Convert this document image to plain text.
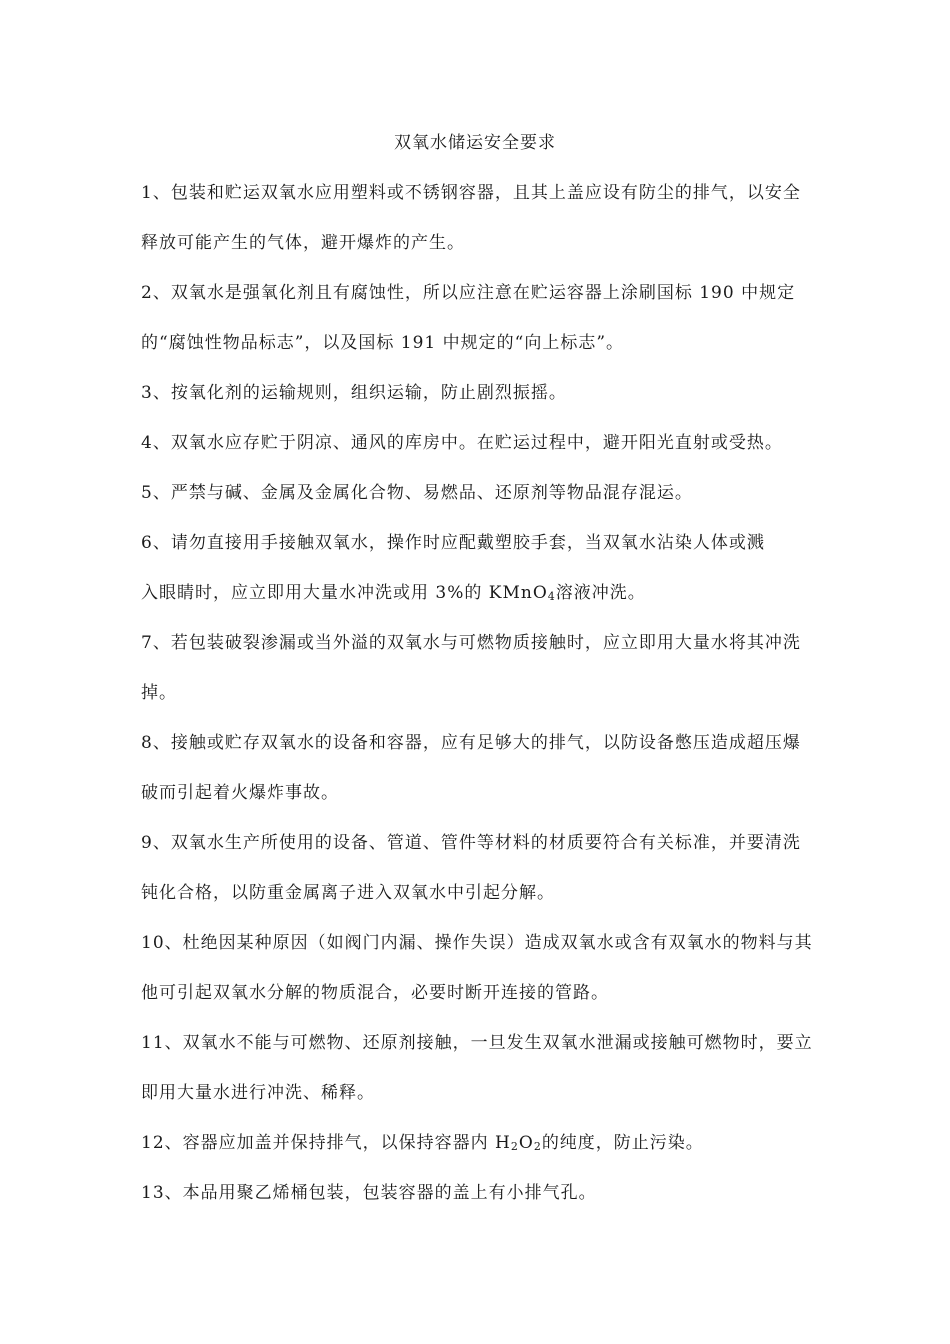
双氧水储运安全要求

1、包装和贮运双氧水应用塑料或不锈钢容器，且其上盖应设有防尘的排气，以安全
释放可能产生的气体，避开爆炸的产生。

2、双氧水是强氧化剂且有腐蚀性，所以应注意在贮运容器上涂刷国标 190 中规定
的“腐蚀性物品标志”，以及国标 191 中规定的“向上标志”。

3、按氧化剂的运输规则，组织运输，防止剧烈振摇。

4、双氧水应存贮于阴凉、通风的库房中。在贮运过程中，避开阳光直射或受热。

5、严禁与碱、金属及金属化合物、易燃品、还原剂等物品混存混运。

6、请勿直接用手接触双氧水，操作时应配戴塑胶手套，当双氧水沾染人体或溅

入眼睛时，应立即用大量水冲洗或用 3%的 KMnO$_4$溶液冲洗。

7、若包装破裂渗漏或当外溢的双氧水与可燃物质接触时，应立即用大量水将其冲洗
掉。

8、接触或贮存双氧水的设备和容器，应有足够大的排气，以防设备憋压造成超压爆
破而引起着火爆炸事故。

9、双氧水生产所使用的设备、管道、管件等材料的材质要符合有关标准，并要清洗
钝化合格，以防重金属离子进入双氧水中引起分解。

10、杜绝因某种原因（如阀门内漏、操作失误）造成双氧水或含有双氧水的物料与其
他可引起双氧水分解的物质混合，必要时断开连接的管路。

11、双氧水不能与可燃物、还原剂接触，一旦发生双氧水泄漏或接触可燃物时，要立
即用大量水进行冲洗、稀释。

12、容器应加盖并保持排气，以保持容器内 $H_2O_2$的纯度，防止污染。

13、本品用聚乙烯桶包装，包装容器的盖上有小排气孔。
